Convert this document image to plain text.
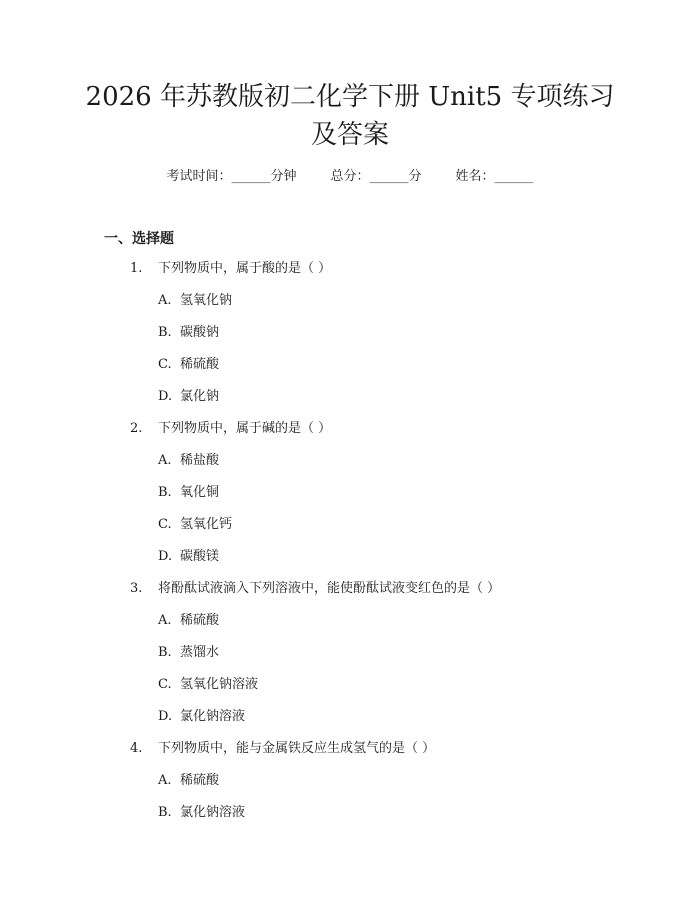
2026 年苏教版初二化学下册 Unit5 专项练习
及答案
考试时间：______分钟	总分：______分	姓名：______
一、选择题
1. 下列物质中，属于酸的是（ ）
A. 氢氧化钠
B. 碳酸钠
C. 稀硫酸
D. 氯化钠
2. 下列物质中，属于碱的是（ ）
A. 稀盐酸
B. 氧化铜
C. 氢氧化钙
D. 碳酸镁
3. 将酚酞试液滴入下列溶液中，能使酚酞试液变红色的是（ ）
A. 稀硫酸
B. 蒸馏水
C. 氢氧化钠溶液
D. 氯化钠溶液
4. 下列物质中，能与金属铁反应生成氢气的是（ ）
A. 稀硫酸
B. 氯化钠溶液
